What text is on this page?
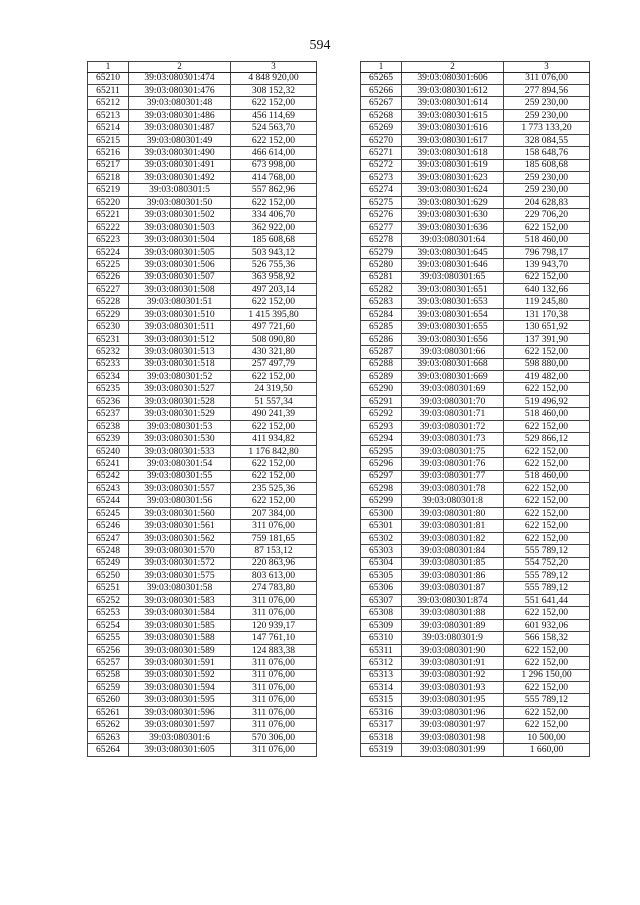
594
1	2	3
65210	39:03:080301:474	4 848 920,00
65211	39:03:080301:476	308 152,32
65212	39:03:080301:48	622 152,00
65213	39:03:080301:486	456 114,69
65214	39:03:080301:487	524 563,70
65215	39:03:080301:49	622 152,00
65216	39:03:080301:490	466 614,00
65217	39:03:080301:491	673 998,00
65218	39:03:080301:492	414 768,00
65219	39:03:080301:5	557 862,96
65220	39:03:080301:50	622 152,00
65221	39:03:080301:502	334 406,70
65222	39:03:080301:503	362 922,00
65223	39:03:080301:504	185 608,68
65224	39:03:080301:505	503 943,12
65225	39:03:080301:506	526 755,36
65226	39:03:080301:507	363 958,92
65227	39:03:080301:508	497 203,14
65228	39:03:080301:51	622 152,00
65229	39:03:080301:510	1 415 395,80
65230	39:03:080301:511	497 721,60
65231	39:03:080301:512	508 090,80
65232	39:03:080301:513	430 321,80
65233	39:03:080301:518	257 497,79
65234	39:03:080301:52	622 152,00
65235	39:03:080301:527	24 319,50
65236	39:03:080301:528	51 557,34
65237	39:03:080301:529	490 241,39
65238	39:03:080301:53	622 152,00
65239	39:03:080301:530	411 934,82
65240	39:03:080301:533	1 176 842,80
65241	39:03:080301:54	622 152,00
65242	39:03:080301:55	622 152,00
65243	39:03:080301:557	235 525,36
65244	39:03:080301:56	622 152,00
65245	39:03:080301:560	207 384,00
65246	39:03:080301:561	311 076,00
65247	39:03:080301:562	759 181,65
65248	39:03:080301:570	87 153,12
65249	39:03:080301:572	220 863,96
65250	39:03:080301:575	803 613,00
65251	39:03:080301:58	274 783,80
65252	39:03:080301:583	311 076,00
65253	39:03:080301:584	311 076,00
65254	39:03:080301:585	120 939,17
65255	39:03:080301:588	147 761,10
65256	39:03:080301:589	124 883,38
65257	39:03:080301:591	311 076,00
65258	39:03:080301:592	311 076,00
65259	39:03:080301:594	311 076,00
65260	39:03:080301:595	311 076,00
65261	39:03:080301:596	311 076,00
65262	39:03:080301:597	311 076,00
65263	39:03:080301:6	570 306,00
65264	39:03:080301:605	311 076,00
1	2	3
65265	39:03:080301:606	311 076,00
65266	39:03:080301:612	277 894,56
65267	39:03:080301:614	259 230,00
65268	39:03:080301:615	259 230,00
65269	39:03:080301:616	1 773 133,20
65270	39:03:080301:617	328 084,55
65271	39:03:080301:618	158 648,76
65272	39:03:080301:619	185 608,68
65273	39:03:080301:623	259 230,00
65274	39:03:080301:624	259 230,00
65275	39:03:080301:629	204 628,83
65276	39:03:080301:630	229 706,20
65277	39:03:080301:636	622 152,00
65278	39:03:080301:64	518 460,00
65279	39:03:080301:645	796 798,17
65280	39:03:080301:646	139 943,70
65281	39:03:080301:65	622 152,00
65282	39:03:080301:651	640 132,66
65283	39:03:080301:653	119 245,80
65284	39:03:080301:654	131 170,38
65285	39:03:080301:655	130 651,92
65286	39:03:080301:656	137 391,90
65287	39:03:080301:66	622 152,00
65288	39:03:080301:668	598 880,00
65289	39:03:080301:669	419 482,00
65290	39:03:080301:69	622 152,00
65291	39:03:080301:70	519 496,92
65292	39:03:080301:71	518 460,00
65293	39:03:080301:72	622 152,00
65294	39:03:080301:73	529 866,12
65295	39:03:080301:75	622 152,00
65296	39:03:080301:76	622 152,00
65297	39:03:080301:77	518 460,00
65298	39:03:080301:78	622 152,00
65299	39:03:080301:8	622 152,00
65300	39:03:080301:80	622 152,00
65301	39:03:080301:81	622 152,00
65302	39:03:080301:82	622 152,00
65303	39:03:080301:84	555 789,12
65304	39:03:080301:85	554 752,20
65305	39:03:080301:86	555 789,12
65306	39:03:080301:87	555 789,12
65307	39:03:080301:874	551 641,44
65308	39:03:080301:88	622 152,00
65309	39:03:080301:89	601 932,06
65310	39:03:080301:9	566 158,32
65311	39:03:080301:90	622 152,00
65312	39:03:080301:91	622 152,00
65313	39:03:080301:92	1 296 150,00
65314	39:03:080301:93	622 152,00
65315	39:03:080301:95	555 789,12
65316	39:03:080301:96	622 152,00
65317	39:03:080301:97	622 152,00
65318	39:03:080301:98	10 500,00
65319	39:03:080301:99	1 660,00
